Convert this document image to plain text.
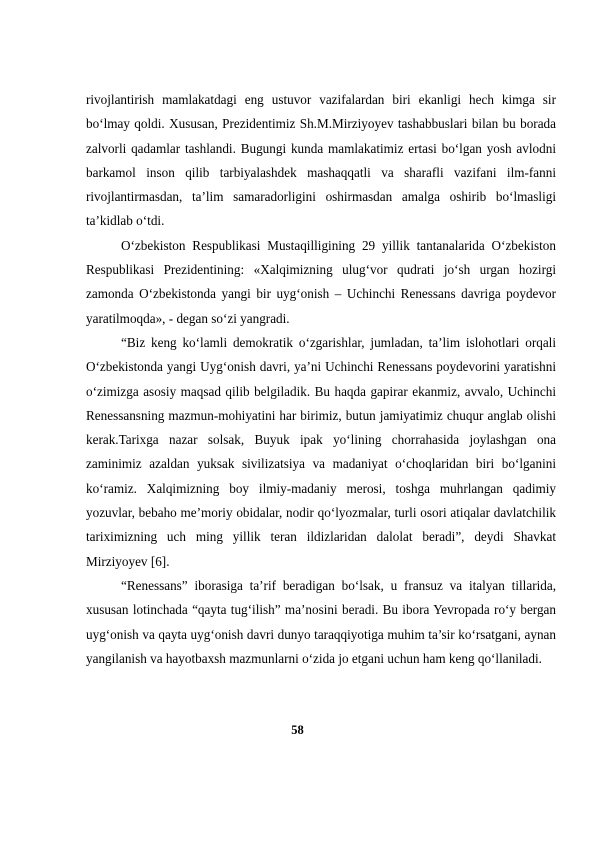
rivojlantirish mamlakatdagi eng ustuvor vazifalardan biri ekanligi hech kimga sir bo‘lmay qoldi. Xususan, Prezidentimiz Sh.M.Mirziyoyev tashabbuslari bilan bu borada zalvorli qadamlar tashlandi. Bugungi kunda mamlakatimiz ertasi bo‘lgan yosh avlodni barkamol inson qilib tarbiyalashdek mashaqqatli va sharafli vazifani ilm-fanni rivojlantirmasdan, ta’lim samaradorligini oshirmasdan amalga oshirib bo‘lmasligi ta’kidlab o‘tdi.

O‘zbekiston Respublikasi Mustaqilligining 29 yillik tantanalarida O‘zbekiston Respublikasi Prezidentining: «Xalqimizning ulug‘vor qudrati jo‘sh urgan hozirgi zamonda O‘zbekistonda yangi bir uyg‘onish – Uchinchi Renessans davriga poydevor yaratilmoqda», - degan so‘zi yangradi.

“Biz keng ko‘lamli demokratik o‘zgarishlar, jumladan, ta’lim islohotlari orqali O‘zbekistonda yangi Uyg‘onish davri, ya’ni Uchinchi Renessans poydevorini yaratishni o‘zimizga asosiy maqsad qilib belgiladik. Bu haqda gapirar ekanmiz, avvalo, Uchinchi Renessansning mazmun-mohiyatini har birimiz, butun jamiyatimiz chuqur anglab olishi kerak.Tarixga nazar solsak, Buyuk ipak yo‘lining chorrahasida joylashgan ona zaminimiz azaldan yuksak sivilizatsiya va madaniyat o‘choqlaridan biri bo‘lganini ko‘ramiz. Xalqimizning boy ilmiy-madaniy merosi, toshga muhrlangan qadimiy yozuvlar, bebaho me’moriy obidalar, nodir qo‘lyozmalar, turli osori atiqalar davlatchilik tariximizning uch ming yillik teran ildizlaridan dalolat beradi”, deydi Shavkat Mirziyoyev [6].

“Renessans” iborasiga ta’rif beradigan bo‘lsak, u fransuz va italyan tillarida, xususan lotinchada “qayta tug‘ilish” ma’nosini beradi. Bu ibora Yevropada ro‘y bergan uyg‘onish va qayta uyg‘onish davri dunyo taraqqiyotiga muhim ta’sir ko‘rsatgani, aynan yangilanish va hayotbaxsh mazmunlarni o‘zida jo etgani uchun ham keng qo‘llaniladi.

58
